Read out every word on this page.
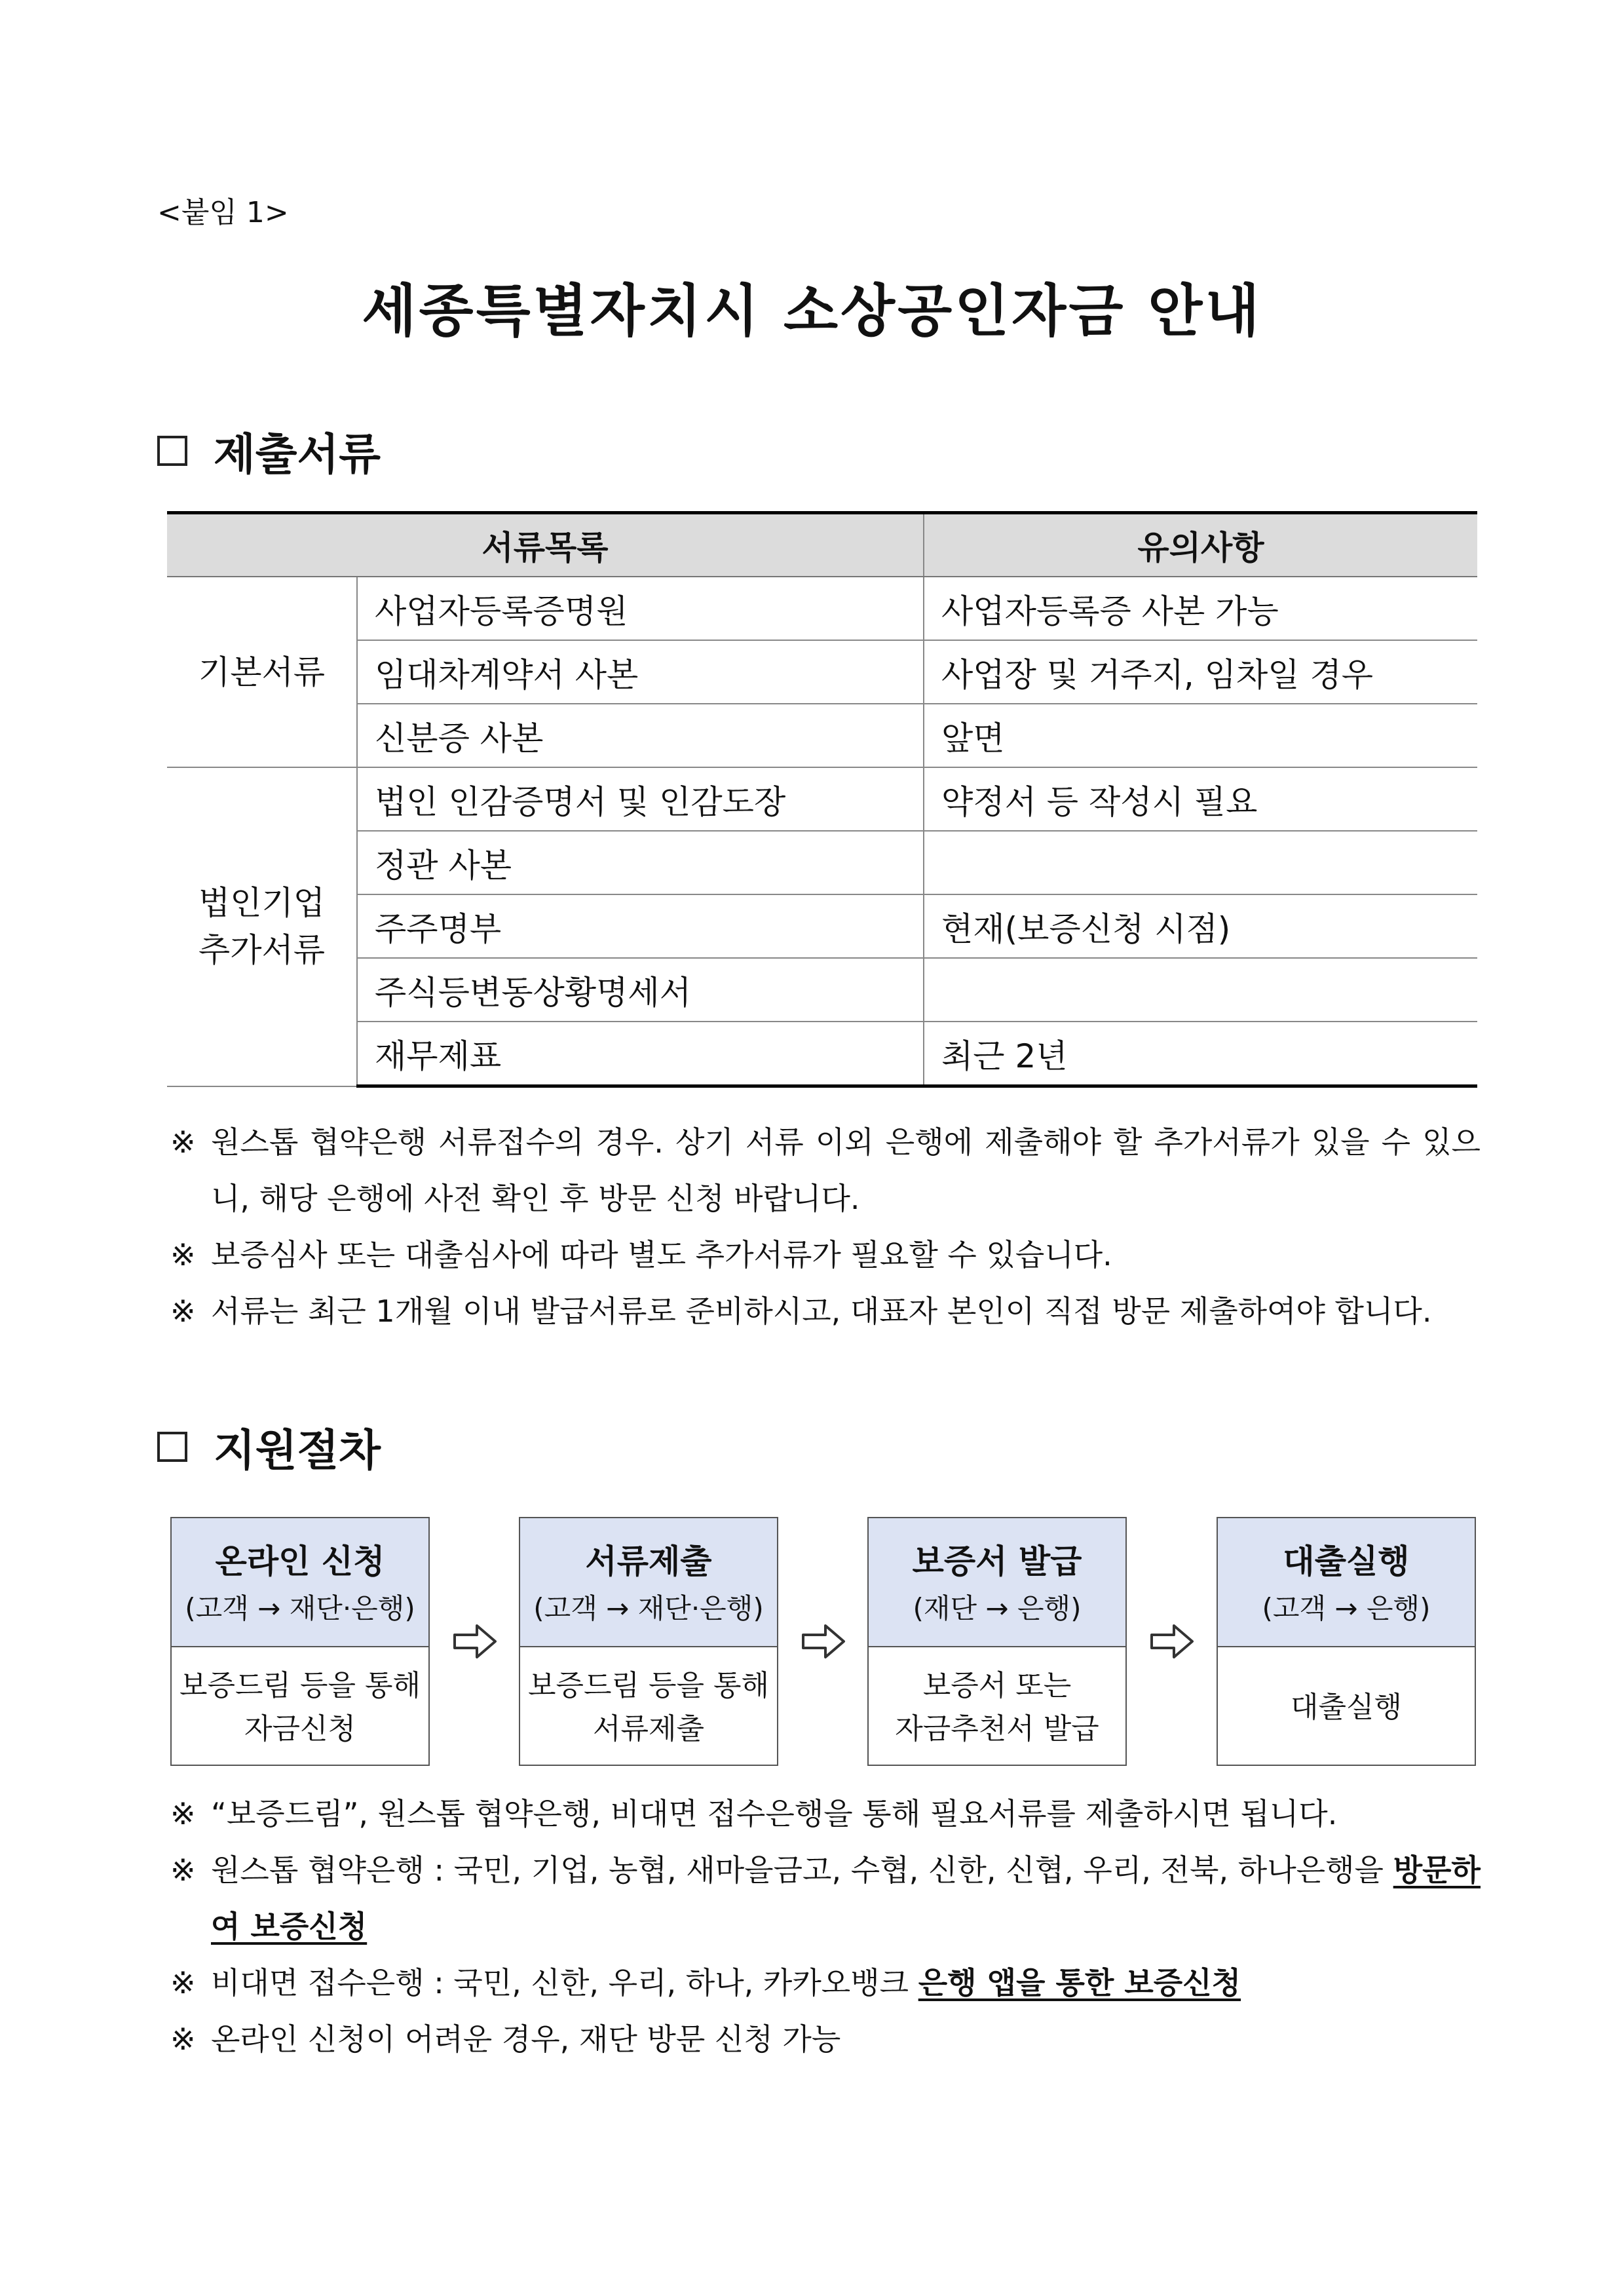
<붙임 1>
세종특별자치시 소상공인자금 안내
제출서류
서류목록		유의사항
기본서류	사업자등록증명원	사업자등록증 사본 가능
	임대차계약서 사본	사업장 및 거주지, 임차일 경우
	신분증 사본	앞면
법인기업
추가서류	법인 인감증명서 및 인감도장	약정서 등 작성시 필요
	정관 사본	
	주주명부	현재(보증신청 시점)
	주식등변동상황명세서	
	재무제표	최근 2년
※ 원스톱 협약은행 서류접수의 경우. 상기 서류 이외 은행에 제출해야 할 추가서류가 있을 수 있으니, 해당 은행에 사전 확인 후 방문 신청 바랍니다.
※ 보증심사 또는 대출심사에 따라 별도 추가서류가 필요할 수 있습니다.
※ 서류는 최근 1개월 이내 발급서류로 준비하시고, 대표자 본인이 직접 방문 제출하여야 합니다.
지원절차
온라인 신청
(고객 → 재단·은행)
보증드림 등을 통해
자금신청
서류제출
(고객 → 재단·은행)
보증드림 등을 통해
서류제출
보증서 발급
(재단 → 은행)
보증서 또는
자금추천서 발급
대출실행
(고객 → 은행)
대출실행
※ “보증드림”, 원스톱 협약은행, 비대면 접수은행을 통해 필요서류를 제출하시면 됩니다.
※ 원스톱 협약은행 : 국민, 기업, 농협, 새마을금고, 수협, 신한, 신협, 우리, 전북, 하나은행을 방문하여 보증신청
※ 비대면 접수은행 : 국민, 신한, 우리, 하나, 카카오뱅크 은행 앱을 통한 보증신청
※ 온라인 신청이 어려운 경우, 재단 방문 신청 가능
